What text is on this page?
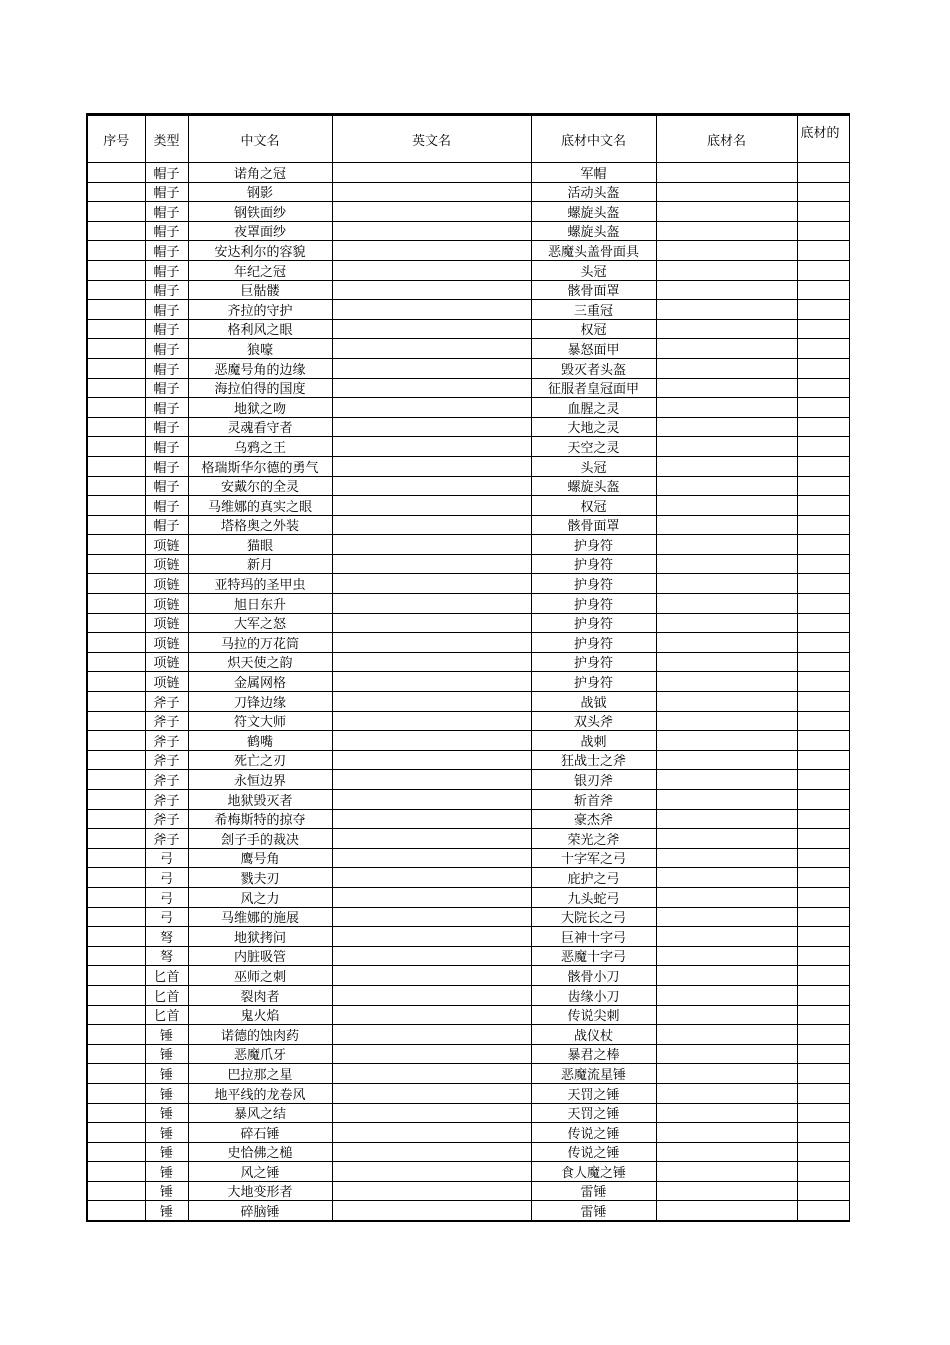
序号	类型	中文名	英文名	底材中文名	底材名	底材的
	帽子	诺角之冠		军帽		
	帽子	钢影		活动头盔		
	帽子	钢铁面纱		螺旋头盔		
	帽子	夜罩面纱		螺旋头盔		
	帽子	安达利尔的容貌		恶魔头盖骨面具		
	帽子	年纪之冠		头冠		
	帽子	巨骷髅		骸骨面罩		
	帽子	齐拉的守护		三重冠		
	帽子	格利风之眼		权冠		
	帽子	狼嚎		暴怒面甲		
	帽子	恶魔号角的边缘		毁灭者头盔		
	帽子	海拉伯得的国度		征服者皇冠面甲		
	帽子	地狱之吻		血腥之灵		
	帽子	灵魂看守者		大地之灵		
	帽子	乌鸦之王		天空之灵		
	帽子	格瑞斯华尔德的勇气		头冠		
	帽子	安戴尔的全灵		螺旋头盔		
	帽子	马维娜的真实之眼		权冠		
	帽子	塔格奥之外装		骸骨面罩		
	项链	猫眼		护身符		
	项链	新月		护身符		
	项链	亚特玛的圣甲虫		护身符		
	项链	旭日东升		护身符		
	项链	大军之怒		护身符		
	项链	马拉的万花筒		护身符		
	项链	炽天使之韵		护身符		
	项链	金属网格		护身符		
	斧子	刀锋边缘		战钺		
	斧子	符文大师		双头斧		
	斧子	鹤嘴		战刺		
	斧子	死亡之刃		狂战士之斧		
	斧子	永恒边界		银刃斧		
	斧子	地狱毁灭者		斩首斧		
	斧子	希梅斯特的掠夺		豪杰斧		
	斧子	刽子手的裁决		荣光之斧		
	弓	鹰号角		十字军之弓		
	弓	戮夫刃		庇护之弓		
	弓	风之力		九头蛇弓		
	弓	马维娜的施展		大院长之弓		
	弩	地狱拷问		巨神十字弓		
	弩	内脏吸管		恶魔十字弓		
	匕首	巫师之刺		骸骨小刀		
	匕首	裂肉者		齿缘小刀		
	匕首	鬼火焰		传说尖刺		
	锤	诺德的蚀肉药		战仪杖		
	锤	恶魔爪牙		暴君之棒		
	锤	巴拉那之星		恶魔流星锤		
	锤	地平线的龙卷风		天罚之锤		
	锤	暴风之结		天罚之锤		
	锤	碎石锤		传说之锤		
	锤	史恰佛之槌		传说之锤		
	锤	风之锤		食人魔之锤		
	锤	大地变形者		雷锤		
	锤	碎脑锤		雷锤		
